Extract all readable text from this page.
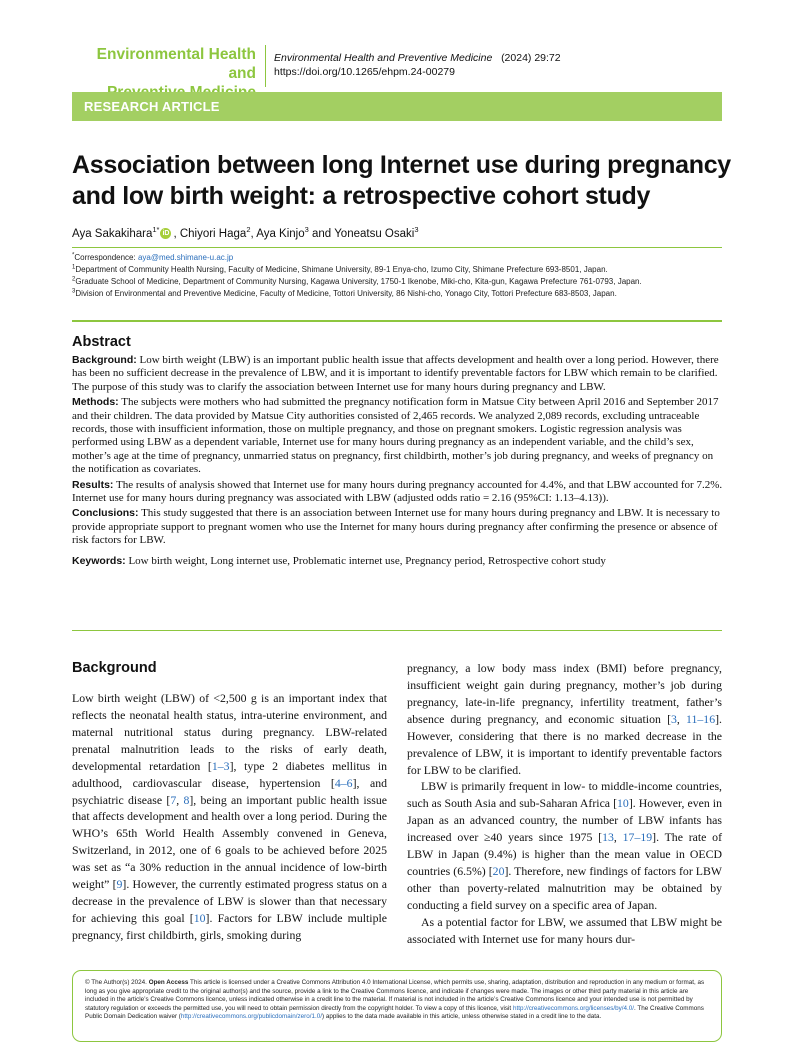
Environmental Health and
Environmental Health and Preventive Medicine (2024) 29:72
https://doi.org/10.1265/ehpm.24-00279
RESEARCH ARTICLE
Association between long Internet use during pregnancy and low birth weight: a retrospective cohort study
Aya Sakakihara$^{1*}$ iD , Chiyori Haga$^2$, Aya Kinjo$^3$ and Yoneatsu Osaki$^3$
*Correspondence: aya@med.shimane-u.ac.jp
$^1$Department of Community Health Nursing, Faculty of Medicine, Shimane University, 89-1 Enya-cho, Izumo City, Shimane Prefecture 693-8501, Japan.
$^2$Graduate School of Medicine, Department of Community Nursing, Kagawa University, 1750-1 Ikenobe, Miki-cho, Kita-gun, Kagawa Prefecture 761-0793, Japan.
$^3$Division of Environmental and Preventive Medicine, Faculty of Medicine, Tottori University, 86 Nishi-cho, Yonago City, Tottori Prefecture 683-8503, Japan.
Abstract

Background: Low birth weight (LBW) is an important public health issue that affects development and health over a long period. However, there has been no sufficient decrease in the prevalence of LBW, and it is important to identify preventable factors for LBW which remain to be clarified. The purpose of this study was to clarify the association between Internet use for many hours during pregnancy and LBW.

Methods: The subjects were mothers who had submitted the pregnancy notification form in Matsue City between April 2016 and September 2017 and their children. The data provided by Matsue City authorities consisted of 2,465 records. We analyzed 2,089 records, excluding untraceable records, those with insufficient information, those on multiple pregnancy, and those on pregnant smokers. Logistic regression analysis was performed using LBW as a dependent variable, Internet use for many hours during pregnancy as an independent variable, and the child’s sex, mother’s age at the time of pregnancy, unmarried status on pregnancy, first childbirth, mother’s job during pregnancy, and weeks of pregnancy on the notification as covariates.

Results: The results of analysis showed that Internet use for many hours during pregnancy accounted for 4.4%, and that LBW accounted for 7.2%. Internet use for many hours during pregnancy was associated with LBW (adjusted odds ratio = 2.16 (95%CI: 1.13–4.13)).

Conclusions: This study suggested that there is an association between Internet use for many hours during pregnancy and LBW. It is necessary to provide appropriate support to pregnant women who use the Internet for many hours during pregnancy after confirming the presence or absence of risk factors for LBW.

Keywords: Low birth weight, Long internet use, Problematic internet use, Pregnancy period, Retrospective cohort study

Background

Low birth weight (LBW) of <2,500 g is an important index that reflects the neonatal health status, intra-uterine environment, and maternal nutritional status during pregnancy. LBW-related prenatal malnutrition leads to the risks of early death, developmental retardation [1–3], type 2 diabetes mellitus in adulthood, cardiovascular disease, hypertension [4–6], and psychiatric disease [7, 8], being an important public health issue that affects development and health over a long period. During the WHO’s 65th World Health Assembly convened in Geneva, Switzerland, in 2012, one of 6 goals to be achieved before 2025 was set as “a 30% reduction in the annual incidence of low-birth weight” [9]. However, the currently estimated progress status on a decrease in the prevalence of LBW is slower than that necessary for achieving this goal [10]. Factors for LBW include multiple pregnancy, first childbirth, girls, smoking during

pregnancy, a low body mass index (BMI) before pregnancy, insufficient weight gain during pregnancy, mother’s job during pregnancy, late-in-life pregnancy, infertility treatment, father’s absence during pregnancy, and economic situation [3, 11–16]. However, considering that there is no marked decrease in the prevalence of LBW, it is important to identify preventable factors for LBW to be clarified.

LBW is primarily frequent in low- to middle-income countries, such as South Asia and sub-Saharan Africa [10]. However, even in Japan as an advanced country, the number of LBW infants has increased over ≥40 years since 1975 [13, 17–19]. The rate of LBW in Japan (9.4%) is higher than the mean value in OECD countries (6.5%) [20]. Therefore, new findings of factors for LBW other than poverty-related malnutrition may be obtained by conducting a field survey on a specific area of Japan.

As a potential factor for LBW, we assumed that LBW might be associated with Internet use for many hours dur-

© The Author(s) 2024. Open Access This article is licensed under a Creative Commons Attribution 4.0 International License, which permits use, sharing, adaptation, distribution and reproduction in any medium or format, as long as you give appropriate credit to the original author(s) and the source, provide a link to the Creative Commons licence, and indicate if changes were made. The images or other third party material in this article are included in the article’s Creative Commons licence, unless indicated otherwise in a credit line to the material. If material is not included in the article’s Creative Commons licence and your intended use is not permitted by statutory regulation or exceeds the permitted use, you will need to obtain permission directly from the copyright holder. To view a copy of this licence, visit http://creativecommons.org/licenses/by/4.0/. The Creative Commons Public Domain Dedication waiver (http://creativecommons.org/publicdomain/zero/1.0/) applies to the data made available in this article, unless otherwise stated in a credit line to the data.
